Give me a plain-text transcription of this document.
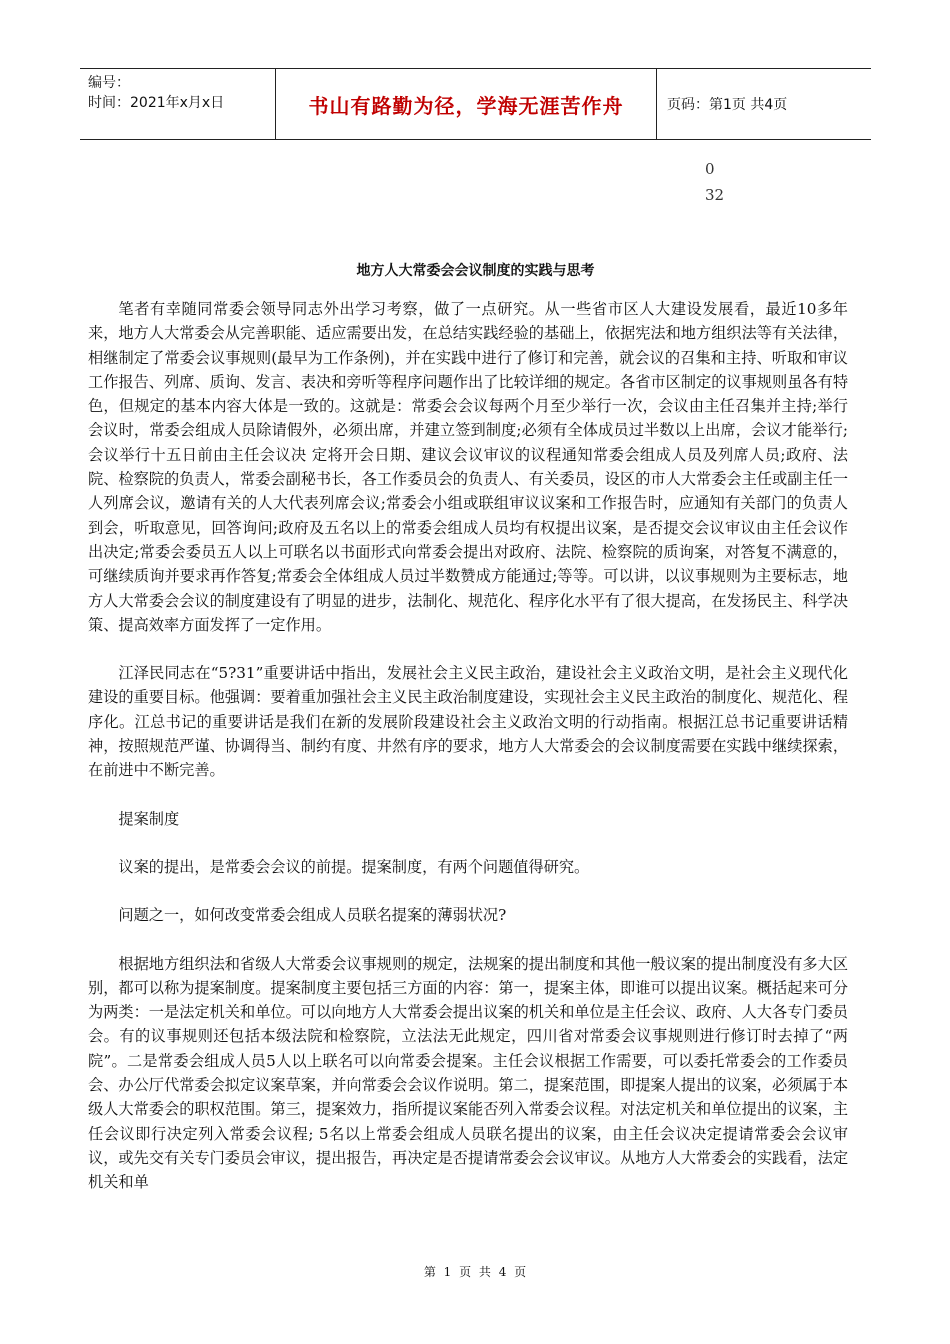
编号：
时间：2021年x月x日	书山有路勤为径，学海无涯苦作舟	页码：第1页 共4页
0
32
地方人大常委会会议制度的实践与思考

笔者有幸随同常委会领导同志外出学习考察，做了一点研究。从一些省市区人大建设发展看，最近10多年来，地方人大常委会从完善职能、适应需要出发，在总结实践经验的基础上，依据宪法和地方组织法等有关法律，相继制定了常委会议事规则(最早为工作条例)，并在实践中进行了修订和完善，就会议的召集和主持、听取和审议工作报告、列席、质询、发言、表决和旁听等程序问题作出了比较详细的规定。各省市区制定的议事规则虽各有特色，但规定的基本内容大体是一致的。这就是：常委会会议每两个月至少举行一次，会议由主任召集并主持;举行会议时，常委会组成人员除请假外，必须出席，并建立签到制度;必须有全体成员过半数以上出席，会议才能举行;会议举行十五日前由主任会议决 定将开会日期、建议会议审议的议程通知常委会组成人员及列席人员;政府、法院、检察院的负责人，常委会副秘书长，各工作委员会的负责人、有关委员，设区的市人大常委会主任或副主任一人列席会议，邀请有关的人大代表列席会议;常委会小组或联组审议议案和工作报告时，应通知有关部门的负责人到会，听取意见，回答询问;政府及五名以上的常委会组成人员均有权提出议案，是否提交会议审议由主任会议作出决定;常委会委员五人以上可联名以书面形式向常委会提出对政府、法院、检察院的质询案，对答复不满意的，可继续质询并要求再作答复;常委会全体组成人员过半数赞成方能通过;等等。可以讲，以议事规则为主要标志，地方人大常委会会议的制度建设有了明显的进步，法制化、规范化、程序化水平有了很大提高，在发扬民主、科学决策、提高效率方面发挥了一定作用。

江泽民同志在“5?31”重要讲话中指出，发展社会主义民主政治，建设社会主义政治文明，是社会主义现代化建设的重要目标。他强调：要着重加强社会主义民主政治制度建设，实现社会主义民主政治的制度化、规范化、程序化。江总书记的重要讲话是我们在新的发展阶段建设社会主义政治文明的行动指南。根据江总书记重要讲话精神，按照规范严谨、协调得当、制约有度、井然有序的要求，地方人大常委会的会议制度需要在实践中继续探索，在前进中不断完善。

提案制度

议案的提出，是常委会会议的前提。提案制度，有两个问题值得研究。

问题之一，如何改变常委会组成人员联名提案的薄弱状况?

根据地方组织法和省级人大常委会议事规则的规定，法规案的提出制度和其他一般议案的提出制度没有多大区别，都可以称为提案制度。提案制度主要包括三方面的内容：第一，提案主体，即谁可以提出议案。概括起来可分为两类：一是法定机关和单位。可以向地方人大常委会提出议案的机关和单位是主任会议、政府、人大各专门委员会。有的议事规则还包括本级法院和检察院，立法法无此规定，四川省对常委会议事规则进行修订时去掉了“两院”。二是常委会组成人员5人以上联名可以向常委会提案。主任会议根据工作需要，可以委托常委会的工作委员会、办公厅代常委会拟定议案草案，并向常委会会议作说明。第二，提案范围，即提案人提出的议案，必须属于本级人大常委会的职权范围。第三，提案效力，指所提议案能否列入常委会议程。对法定机关和单位提出的议案，主任会议即行决定列入常委会议程; 5名以上常委会组成人员联名提出的议案，由主任会议决定提请常委会会议审议，或先交有关专门委员会审议，提出报告，再决定是否提请常委会会议审议。从地方人大常委会的实践看，法定机关和单

第 1 页 共 4 页
